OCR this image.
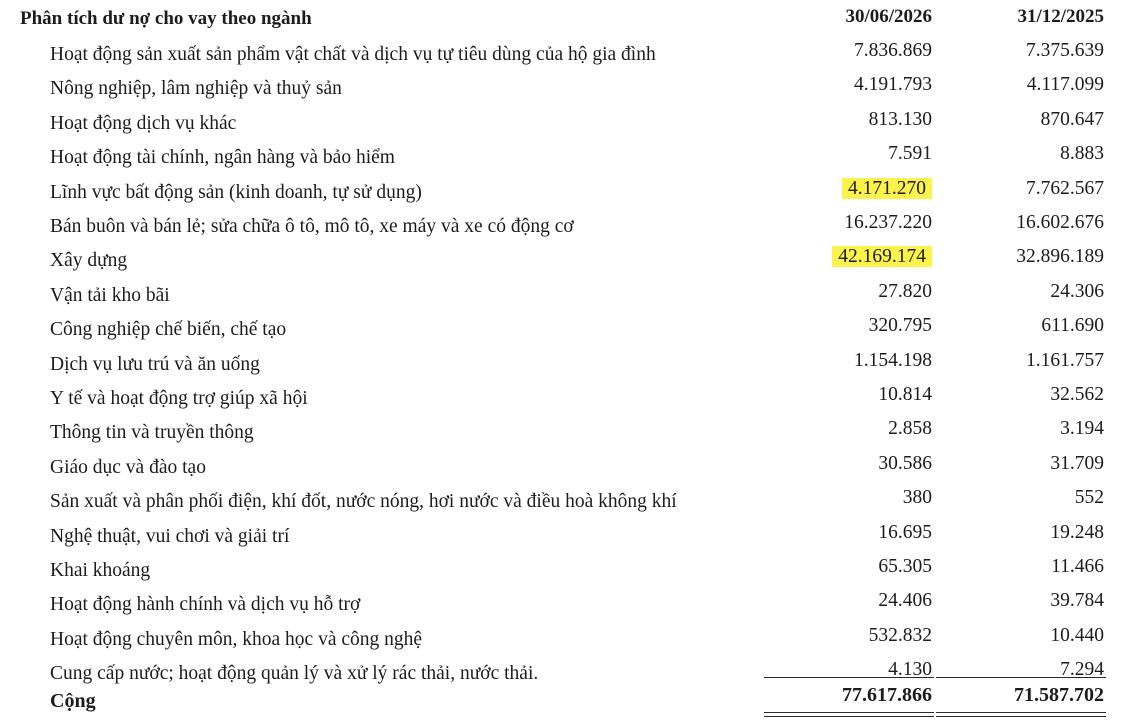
Phân tích dư nợ cho vay theo ngành	30/06/2026	31/12/2025
Hoạt động sản xuất sản phẩm vật chất và dịch vụ tự tiêu dùng của hộ gia đình	7.836.869	7.375.639
Nông nghiệp, lâm nghiệp và thuỷ sản	4.191.793	4.117.099
Hoạt động dịch vụ khác	813.130	870.647
Hoạt động tài chính, ngân hàng và bảo hiểm	7.591	8.883
Lĩnh vực bất động sản (kinh doanh, tự sử dụng)	4.171.270	7.762.567
Bán buôn và bán lẻ; sửa chữa ô tô, mô tô, xe máy và xe có động cơ	16.237.220	16.602.676
Xây dựng	42.169.174	32.896.189
Vận tải kho bãi	27.820	24.306
Công nghiệp chế biến, chế tạo	320.795	611.690
Dịch vụ lưu trú và ăn uống	1.154.198	1.161.757
Y tế và hoạt động trợ giúp xã hội	10.814	32.562
Thông tin và truyền thông	2.858	3.194
Giáo dục và đào tạo	30.586	31.709
Sản xuất và phân phối điện, khí đốt, nước nóng, hơi nước và điều hoà không khí	380	552
Nghệ thuật, vui chơi và giải trí	16.695	19.248
Khai khoáng	65.305	11.466
Hoạt động hành chính và dịch vụ hỗ trợ	24.406	39.784
Hoạt động chuyên môn, khoa học và công nghệ	532.832	10.440
Cung cấp nước; hoạt động quản lý và xử lý rác thải, nước thải.	4.130	7.294
Cộng	77.617.866	71.587.702
